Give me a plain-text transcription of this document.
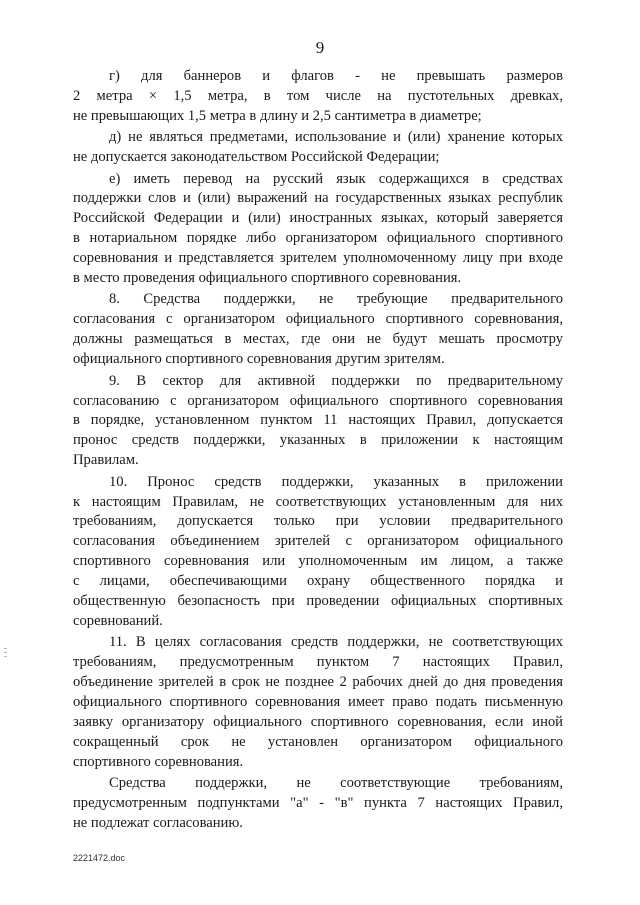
9

г) для баннеров и флагов - не превышать размеров
2 метра × 1,5 метра, в том числе на пустотельных древках,
не превышающих 1,5 метра в длину и 2,5 сантиметра в диаметре;

д) не являться предметами, использование и (или) хранение которых
не допускается законодательством Российской Федерации;

е) иметь перевод на русский язык содержащихся в средствах
поддержки слов и (или) выражений на государственных языках республик
Российской Федерации и (или) иностранных языках, который заверяется
в нотариальном порядке либо организатором официального спортивного
соревнования и представляется зрителем уполномоченному лицу при входе
в место проведения официального спортивного соревнования.

8. Средства поддержки, не требующие предварительного
согласования с организатором официального спортивного соревнования,
должны размещаться в местах, где они не будут мешать просмотру
официального спортивного соревнования другим зрителям.

9. В сектор для активной поддержки по предварительному
согласованию с организатором официального спортивного соревнования
в порядке, установленном пунктом 11 настоящих Правил, допускается
пронос средств поддержки, указанных в приложении к настоящим
Правилам.

10. Пронос средств поддержки, указанных в приложении
к настоящим Правилам, не соответствующих установленным для них
требованиям, допускается только при условии предварительного
согласования объединением зрителей с организатором официального
спортивного соревнования или уполномоченным им лицом, а также
с лицами, обеспечивающими охрану общественного порядка и
общественную безопасность при проведении официальных спортивных
соревнований.

11. В целях согласования средств поддержки, не соответствующих
требованиям, предусмотренным пунктом 7 настоящих Правил,
объединение зрителей в срок не позднее 2 рабочих дней до дня проведения
официального спортивного соревнования имеет право подать письменную
заявку организатору официального спортивного соревнования, если иной
сокращенный срок не установлен организатором официального
спортивного соревнования.

Средства поддержки, не соответствующие требованиям,
предусмотренным подпунктами "а" - "в" пункта 7 настоящих Правил,
не подлежат согласованию.

2221472.doc
